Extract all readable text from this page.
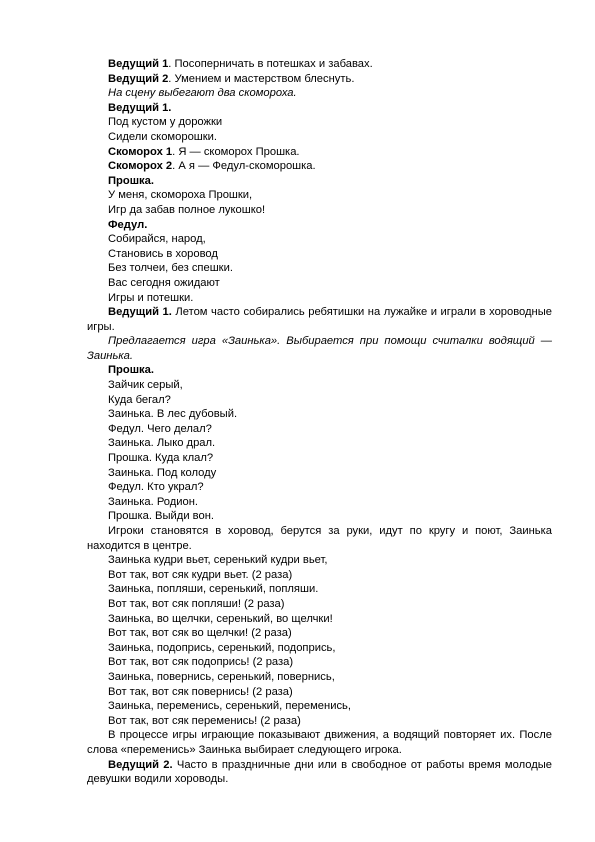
Ведущий 1. Посоперничать в потешках и забавах.
Ведущий 2. Умением и мастерством блеснуть.
На сцену выбегают два скомороха.
Ведущий 1.
Под кустом у дорожки
Сидели скоморошки.
Скоморох 1. Я — скоморох Прошка.
Скоморох 2. А я — Федул-скоморошка.
Прошка.
У меня, скомороха Прошки,
Игр да забав полное лукошко!
Федул.
Собирайся, народ,
Становись в хоровод
Без толчеи, без спешки.
Вас сегодня ожидают
Игры и потешки.
Ведущий 1. Летом часто собирались ребятишки на лужайке и играли в хороводные игры.
Предлагается игра «Заинька». Выбирается при помощи считалки водящий — Заинька.
Прошка.
Зайчик серый,
Куда бегал?
Заинька. В лес дубовый.
Федул. Чего делал?
Заинька. Лыко драл.
Прошка. Куда клал?
Заинька. Под колоду
Федул. Кто украл?
Заинька. Родион.
Прошка. Выйди вон.
Игроки становятся в хоровод, берутся за руки, идут по кругу и поют, Заинька находится в центре.
Заинька кудри вьет, серенький кудри вьет,
Вот так, вот сяк кудри вьет. (2 раза)
Заинька, попляши, серенький, попляши.
Вот так, вот сяк попляши! (2 раза)
Заинька, во щелчки, серенький, во щелчки!
Вот так, вот сяк во щелчки! (2 раза)
Заинька, подопрись, серенький, подопрись,
Вот так, вот сяк подопрись! (2 раза)
Заинька, повернись, серенький, повернись,
Вот так, вот сяк повернись! (2 раза)
Заинька, переменись, серенький, переменись,
Вот так, вот сяк переменись! (2 раза)
В процессе игры играющие показывают движения, а водящий повторяет их. После слова «переменись» Заинька выбирает следующего игрока.
Ведущий 2. Часто в праздничные дни или в свободное от работы время молодые девушки водили хороводы.
